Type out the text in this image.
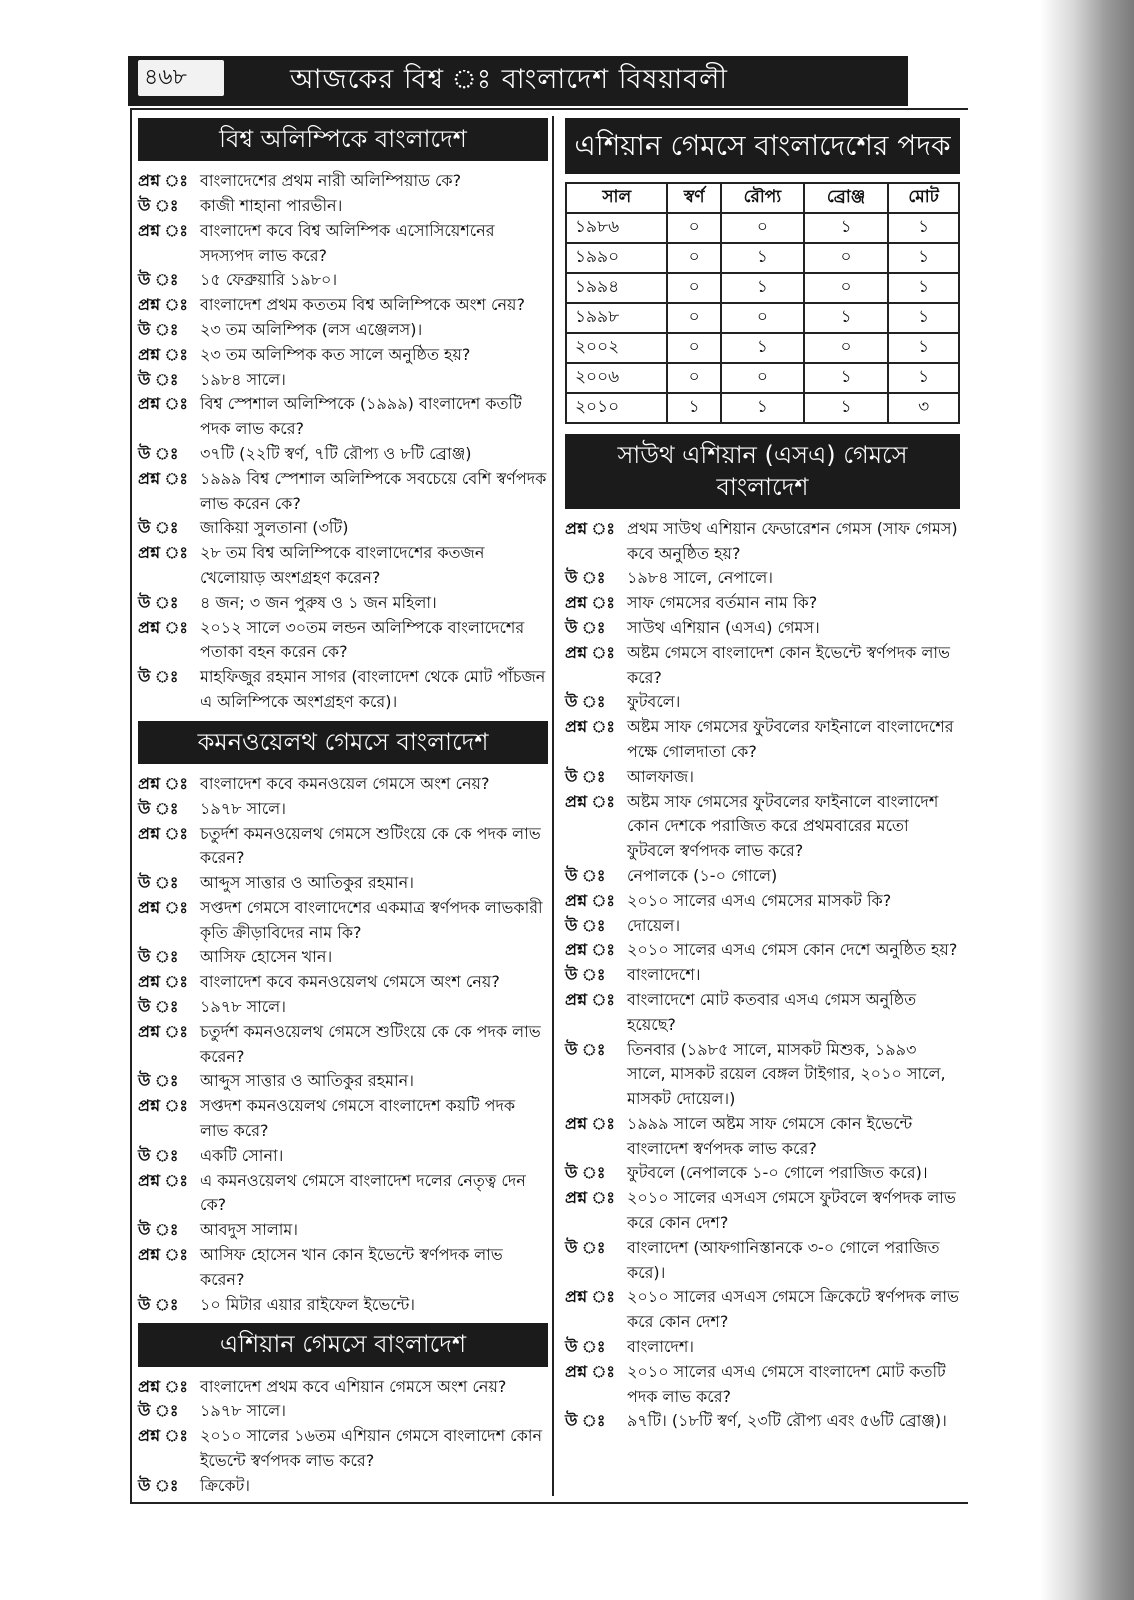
৪৬৮	আজকের বিশ্ব ঃ বাংলাদেশ বিষয়াবলী
বিশ্ব অলিম্পিকে বাংলাদেশ
প্রশ্ন ঃ বাংলাদেশের প্রথম নারী অলিম্পিয়াড কে?
উ ঃ	কাজী শাহানা পারভীন।
প্রশ্ন ঃ বাংলাদেশ কবে বিশ্ব অলিম্পিক এসোসিয়েশনের সদস্যপদ লাভ করে?
উ ঃ	১৫ ফেব্রুয়ারি ১৯৮০।
প্রশ্ন ঃ বাংলাদেশ প্রথম কততম বিশ্ব অলিম্পিকে অংশ নেয়?
উ ঃ	২৩ তম অলিম্পিক (লস এঞ্জেলস)।
প্রশ্ন ঃ ২৩ তম অলিম্পিক কত সালে অনুষ্ঠিত হয়?
উ ঃ	১৯৮৪ সালে।
প্রশ্ন ঃ বিশ্ব স্পেশাল অলিম্পিকে (১৯৯৯) বাংলাদেশ কতটি পদক লাভ করে?
উ ঃ	৩৭টি (২২টি স্বর্ণ, ৭টি রৌপ্য ও ৮টি ব্রোঞ্জ)
প্রশ্ন ঃ ১৯৯৯ বিশ্ব স্পেশাল অলিম্পিকে সবচেয়ে বেশি স্বর্ণপদক লাভ করেন কে?
উ ঃ	জাকিয়া সুলতানা (৩টি)
প্রশ্ন ঃ ২৮ তম বিশ্ব অলিম্পিকে বাংলাদেশের কতজন খেলোয়াড় অংশগ্রহণ করেন?
উ ঃ	৪ জন; ৩ জন পুরুষ ও ১ জন মহিলা।
প্রশ্ন ঃ ২০১২ সালে ৩০তম লন্ডন অলিম্পিকে বাংলাদেশের পতাকা বহন করেন কে?
উ ঃ	মাহফিজুর রহমান সাগর (বাংলাদেশ থেকে মোট পাঁচজন এ অলিম্পিকে অংশগ্রহণ করে)।
কমনওয়েলথ গেমসে বাংলাদেশ
প্রশ্ন ঃ বাংলাদেশ কবে কমনওয়েল গেমসে অংশ নেয়?
উ ঃ	১৯৭৮ সালে।
প্রশ্ন ঃ চতুর্দশ কমনওয়েলথ গেমসে শুটিংয়ে কে কে পদক লাভ করেন?
উ ঃ	আব্দুস সাত্তার ও আতিকুর রহমান।
প্রশ্ন ঃ সপ্তদশ গেমসে বাংলাদেশের একমাত্র স্বর্ণপদক লাভকারী কৃতি ক্রীড়াবিদের নাম কি?
উ ঃ	আসিফ হোসেন খান।
প্রশ্ন ঃ বাংলাদেশ কবে কমনওয়েলথ গেমসে অংশ নেয়?
উ ঃ	১৯৭৮ সালে।
প্রশ্ন ঃ চতুর্দশ কমনওয়েলথ গেমসে শুটিংয়ে কে কে পদক লাভ করেন?
উ ঃ	আব্দুস সাত্তার ও আতিকুর রহমান।
প্রশ্ন ঃ সপ্তদশ কমনওয়েলথ গেমসে বাংলাদেশ কয়টি পদক লাভ করে?
উ ঃ	একটি সোনা।
প্রশ্ন ঃ এ কমনওয়েলথ গেমসে বাংলাদেশ দলের নেতৃত্ব দেন কে?
উ ঃ	আবদুস সালাম।
প্রশ্ন ঃ আসিফ হোসেন খান কোন ইভেন্টে স্বর্ণপদক লাভ করেন?
উ ঃ	১০ মিটার এয়ার রাইফেল ইভেন্টে।
এশিয়ান গেমসে বাংলাদেশ
প্রশ্ন ঃ বাংলাদেশ প্রথম কবে এশিয়ান গেমসে অংশ নেয়?
উ ঃ	১৯৭৮ সালে।
প্রশ্ন ঃ ২০১০ সালের ১৬তম এশিয়ান গেমসে বাংলাদেশ কোন ইভেন্টে স্বর্ণপদক লাভ করে?
উ ঃ	ক্রিকেট।
এশিয়ান গেমসে বাংলাদেশের পদক
সাল	স্বর্ণ	রৌপ্য	ব্রোঞ্জ	মোট
১৯৮৬	০	০	১	১
১৯৯০	০	১	০	১
১৯৯৪	০	১	০	১
১৯৯৮	০	০	১	১
২০০২	০	১	০	১
২০০৬	০	০	১	১
২০১০	১	১	১	৩
সাউথ এশিয়ান (এসএ) গেমসে বাংলাদেশ
প্রশ্ন ঃ প্রথম সাউথ এশিয়ান ফেডারেশন গেমস (সাফ গেমস) কবে অনুষ্ঠিত হয়?
উ ঃ	১৯৮৪ সালে, নেপালে।
প্রশ্ন ঃ সাফ গেমসের বর্তমান নাম কি?
উ ঃ	সাউথ এশিয়ান (এসএ) গেমস।
প্রশ্ন ঃ অষ্টম গেমসে বাংলাদেশ কোন ইভেন্টে স্বর্ণপদক লাভ করে?
উ ঃ	ফুটবলে।
প্রশ্ন ঃ অষ্টম সাফ গেমসের ফুটবলের ফাইনালে বাংলাদেশের পক্ষে গোলদাতা কে?
উ ঃ	আলফাজ।
প্রশ্ন ঃ অষ্টম সাফ গেমসের ফুটবলের ফাইনালে বাংলাদেশ কোন দেশকে পরাজিত করে প্রথমবারের মতো ফুটবলে স্বর্ণপদক লাভ করে?
উ ঃ	নেপালকে (১-০ গোলে)
প্রশ্ন ঃ ২০১০ সালের এসএ গেমসের মাসকট কি?
উ ঃ	দোয়েল।
প্রশ্ন ঃ ২০১০ সালের এসএ গেমস কোন দেশে অনুষ্ঠিত হয়?
উ ঃ	বাংলাদেশে।
প্রশ্ন ঃ বাংলাদেশে মোট কতবার এসএ গেমস অনুষ্ঠিত হয়েছে?
উ ঃ	তিনবার (১৯৮৫ সালে, মাসকট মিশুক, ১৯৯৩ সালে, মাসকট রয়েল বেঙ্গল টাইগার, ২০১০ সালে, মাসকট দোয়েল।)
প্রশ্ন ঃ ১৯৯৯ সালে অষ্টম সাফ গেমসে কোন ইভেন্টে বাংলাদেশ স্বর্ণপদক লাভ করে?
উ ঃ	ফুটবলে (নেপালকে ১-০ গোলে পরাজিত করে)।
প্রশ্ন ঃ ২০১০ সালের এসএস গেমসে ফুটবলে স্বর্ণপদক লাভ করে কোন দেশ?
উ ঃ	বাংলাদেশ (আফগানিস্তানকে ৩-০ গোলে পরাজিত করে)।
প্রশ্ন ঃ ২০১০ সালের এসএস গেমসে ক্রিকেটে স্বর্ণপদক লাভ করে কোন দেশ?
উ ঃ	বাংলাদেশ।
প্রশ্ন ঃ ২০১০ সালের এসএ গেমসে বাংলাদেশ মোট কতটি পদক লাভ করে?
উ ঃ	৯৭টি। (১৮টি স্বর্ণ, ২৩টি রৌপ্য এবং ৫৬টি ব্রোঞ্জ)।
